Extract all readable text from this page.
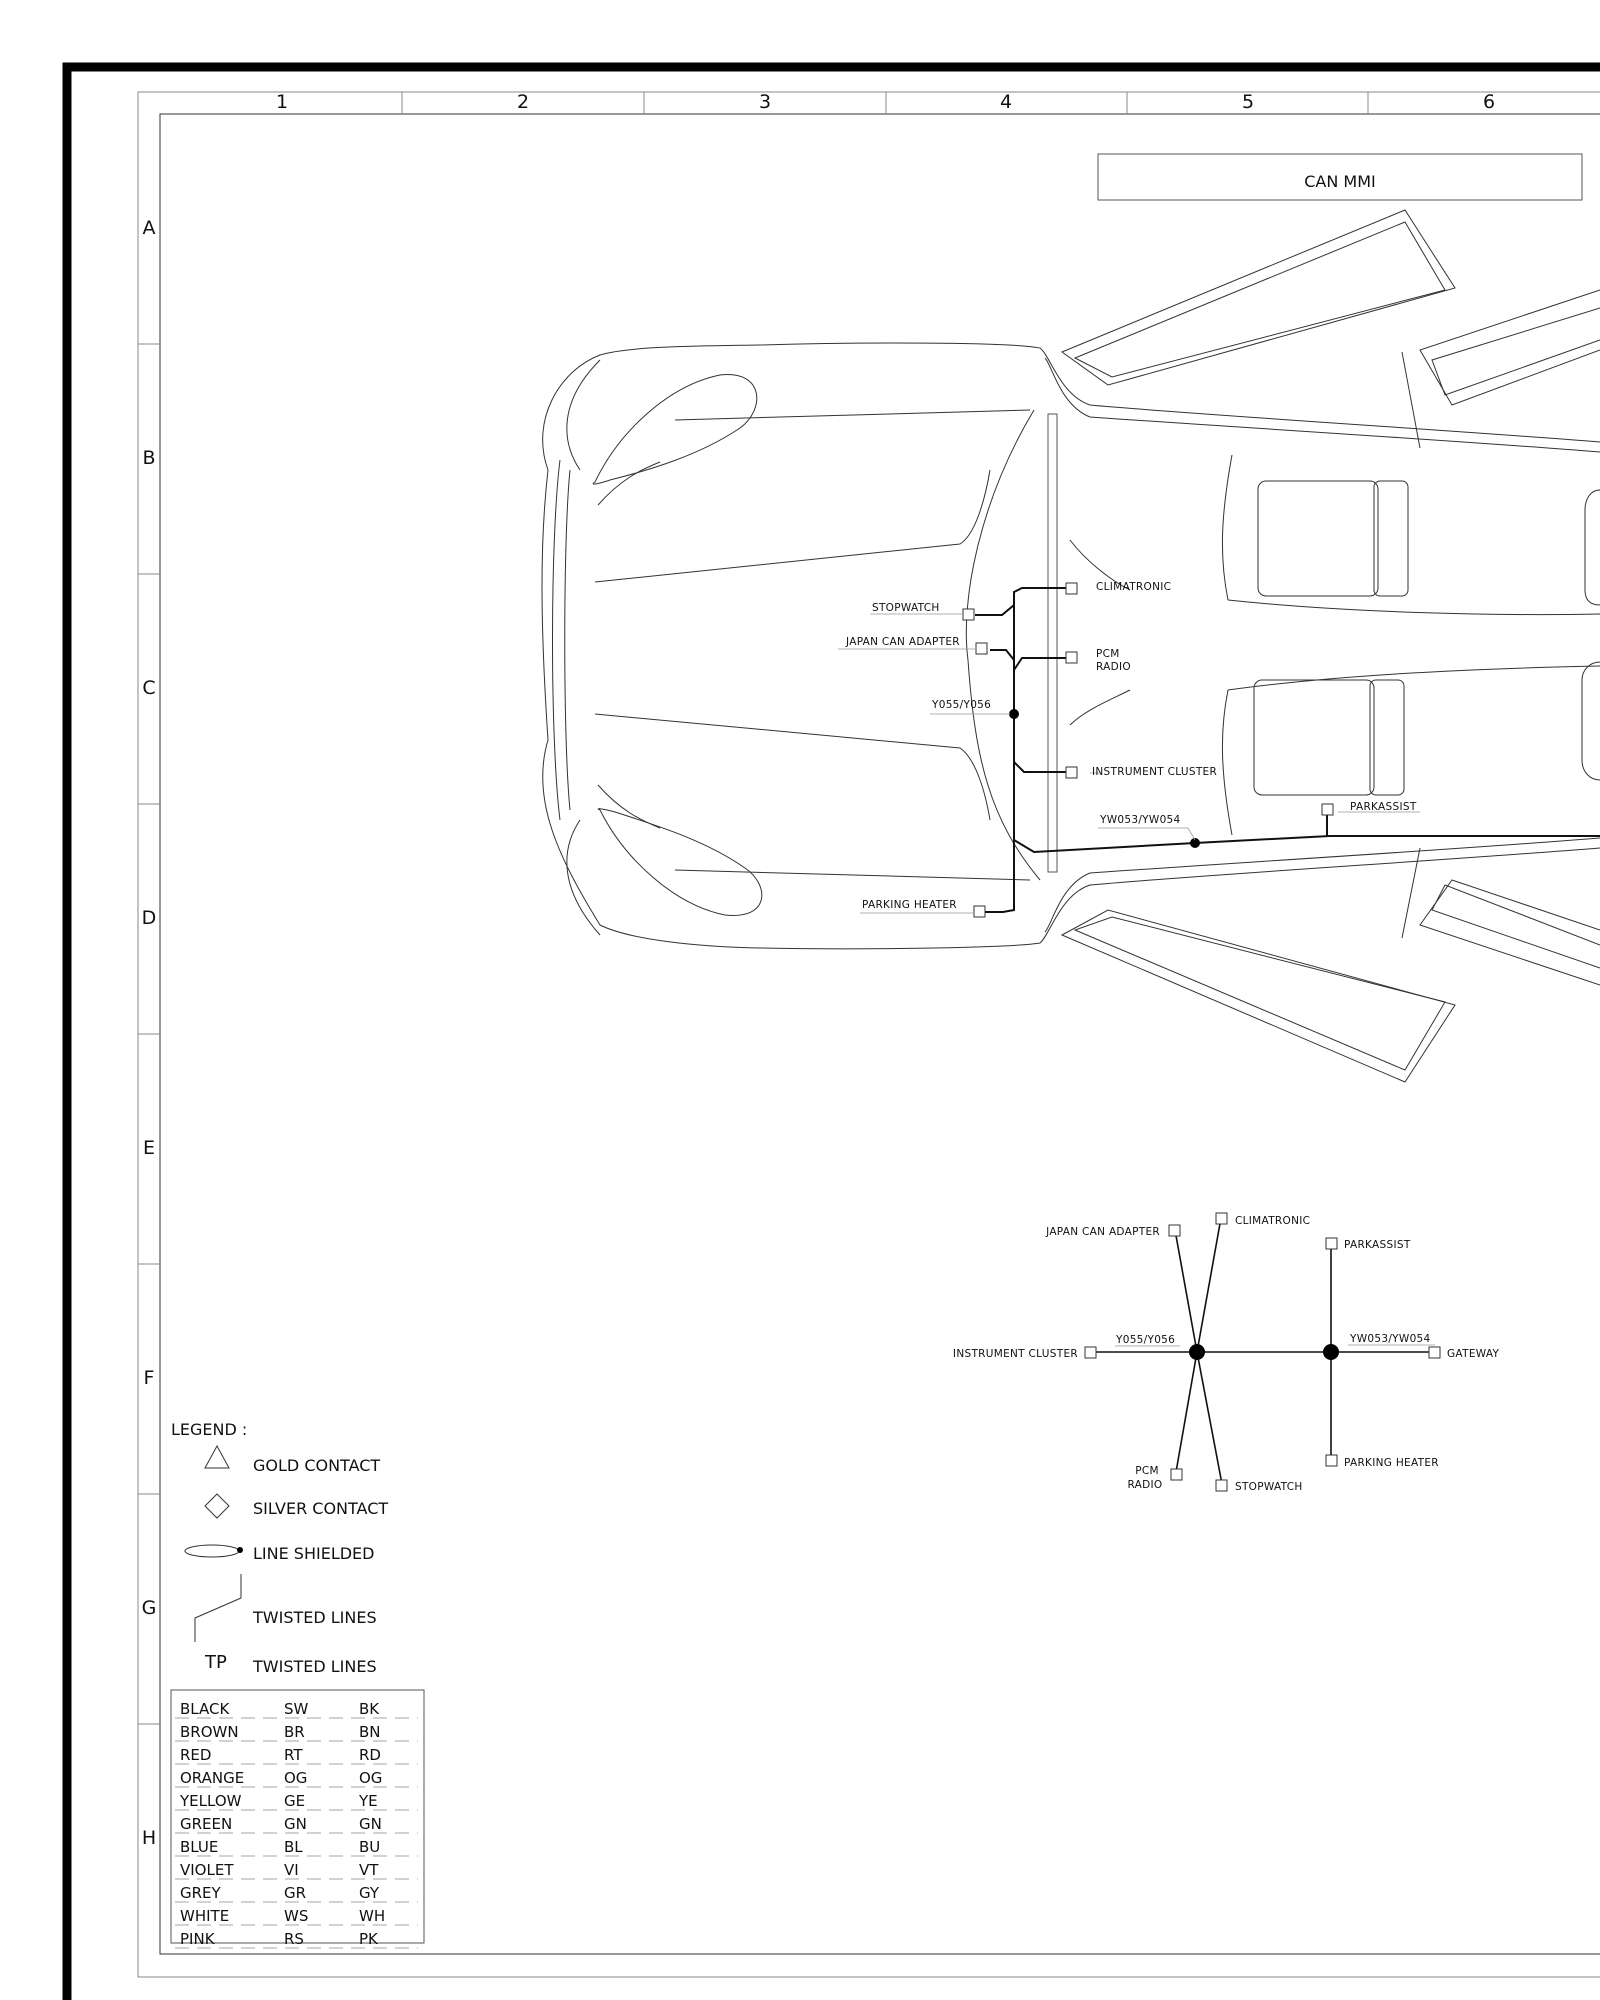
1	2	3	4	5	6
A
B
C
D
E
F
G
H
CAN MMI
CLIMATRONIC
STOPWATCH
JAPAN CAN ADAPTER
PCM
RADIO
Y055/Y056
INSTRUMENT CLUSTER
PARKASSIST
YW053/YW054
PARKING HEATER
JAPAN CAN ADAPTER
CLIMATRONIC
PARKASSIST
Y055/Y056	YW053/YW054
INSTRUMENT CLUSTER	GATEWAY
PCM
RADIO	STOPWATCH
PARKING HEATER
LEGEND :
GOLD CONTACT
SILVER CONTACT
LINE SHIELDED
TWISTED LINES
TP TWISTED LINES
BLACK	SW	BK
BROWN	BR	BN
RED	RT	RD
ORANGE	OG	OG
YELLOW	GE	YE
GREEN	GN	GN
BLUE	BL	BU
VIOLET	VI	VT
GREY	GR	GY
WHITE	WS	WH
PINK	RS	PK
